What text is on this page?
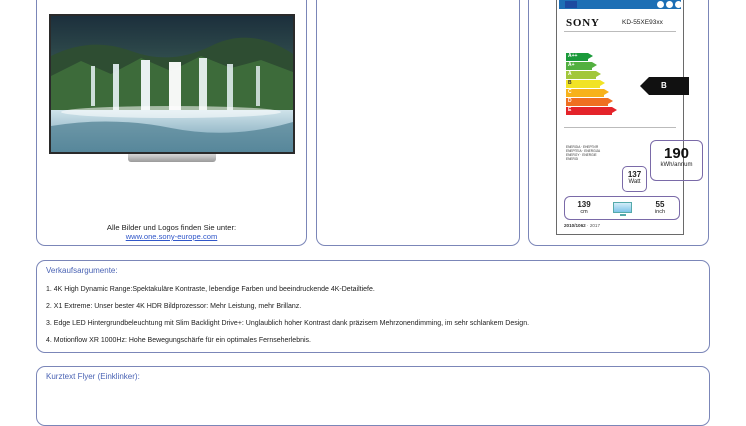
Alle Bilder und Logos finden Sie unter:
www.one.sony-europe.com
SONY	KD-55XE93xx
A++
A+
A
B
C
D
E
B
ENERGIA · ЕНЕРГИЯ
ΕΝΕΡΓΕΙΑ · ENERGIJA
ENERGY · ENERGIE
ENERGI	190
kWh/annum
137
Watt
139
cm
55
inch
2010/1062 · 2017
Verkaufsargumente:
1. 4K High Dynamic Range:Spektakuläre Kontraste, lebendige Farben und beeindruckende 4K-Detailtiefe.
2. X1 Extreme: Unser bester 4K HDR Bildprozessor: Mehr Leistung, mehr Brillanz.
3. Edge LED Hintergrundbeleuchtung mit Slim Backlight Drive+: Unglaublich hoher Kontrast dank präzisem Mehrzonendimming, im sehr schlankem Design.
4. Motionflow XR 1000Hz: Hohe Bewegungschärfe für ein optimales Fernseherlebnis.
Kurztext Flyer (Einklinker):
